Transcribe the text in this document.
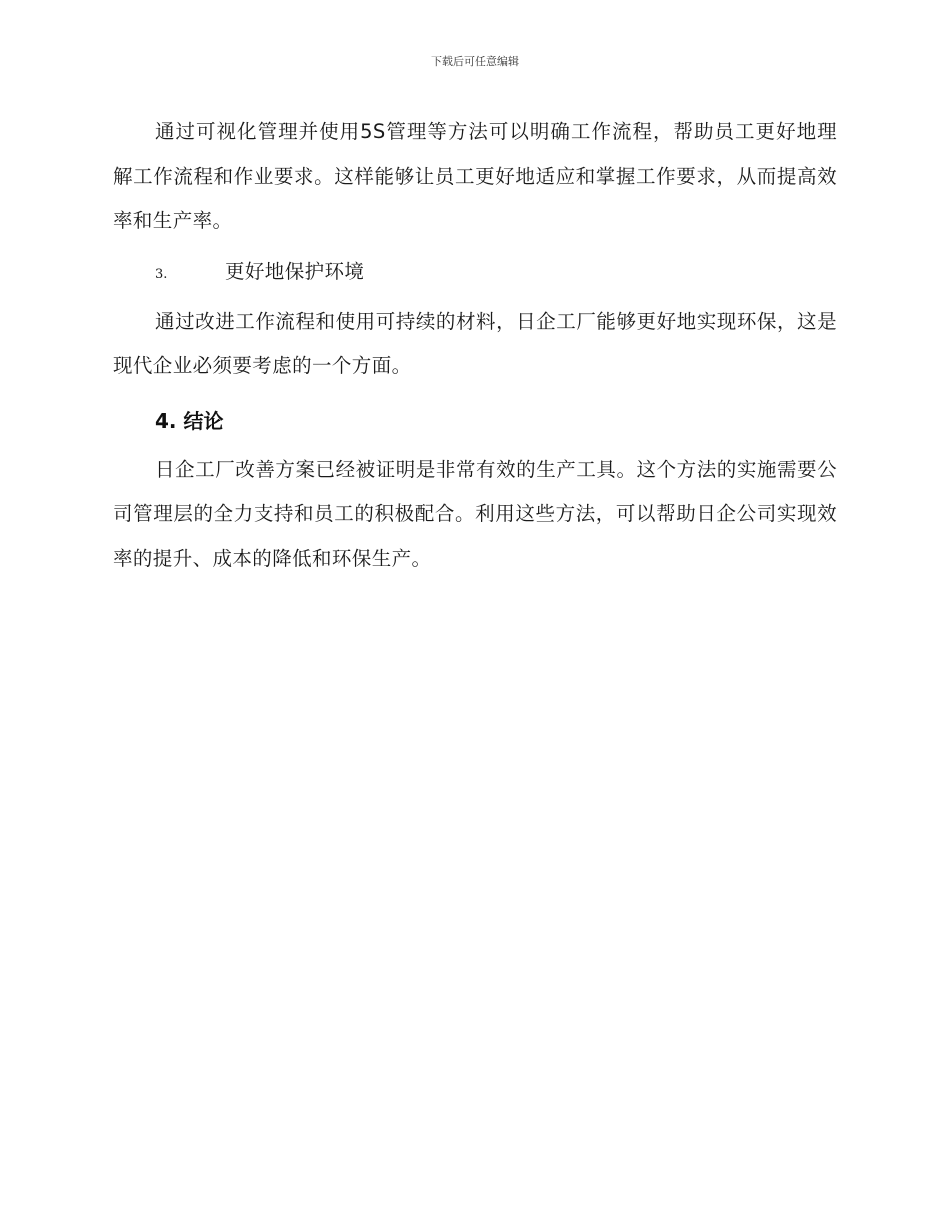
下载后可任意编辑

通过可视化管理并使用5S管理等方法可以明确工作流程，帮助员工更好地理解工作流程和作业要求。这样能够让员工更好地适应和掌握工作要求，从而提高效率和生产率。

3.	更好地保护环境

通过改进工作流程和使用可持续的材料，日企工厂能够更好地实现环保，这是现代企业必须要考虑的一个方面。

4. 结论

日企工厂改善方案已经被证明是非常有效的生产工具。这个方法的实施需要公司管理层的全力支持和员工的积极配合。利用这些方法，可以帮助日企公司实现效率的提升、成本的降低和环保生产。
